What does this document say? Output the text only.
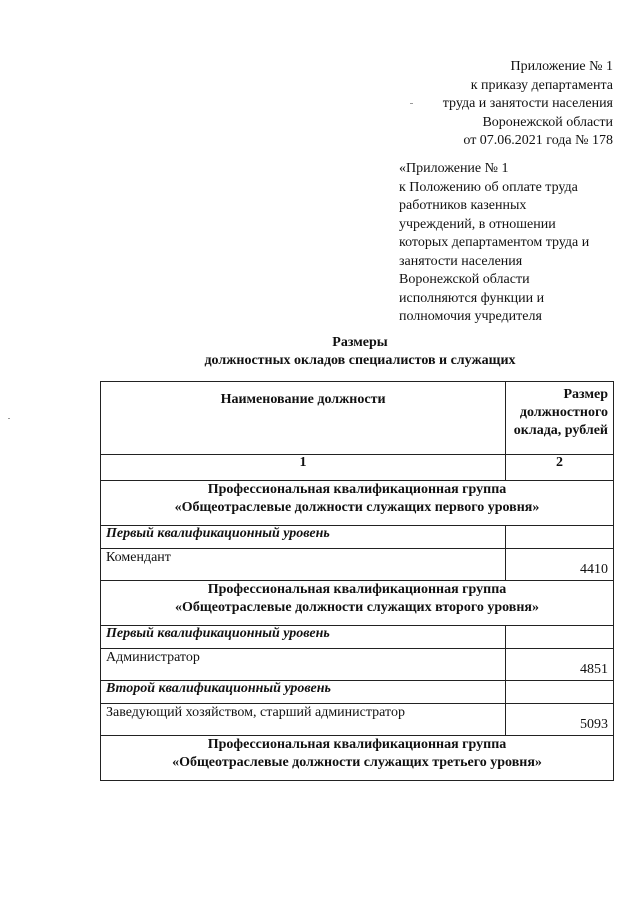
Приложение № 1
к приказу департамента
труда и занятости населения
Воронежской области
от 07.06.2021 года № 178
«Приложение № 1
к Положению об оплате труда
работников казенных
учреждений, в отношении
которых департаментом труда и
занятости населения
Воронежской области
исполняются функции и
полномочия учредителя
Размеры
должностных окладов специалистов и служащих
Наименование должности	Размер
должностного
оклада, рублей

1	2

Профессиональная квалификационная группа
«Общеотраслевые должности служащих первого уровня»	

Первый квалификационный уровень	
Комендант	4410

Профессиональная квалификационная группа
«Общеотраслевые должности служащих второго уровня»	

Первый квалификационный уровень	
Администратор	4851
Второй квалификационный уровень	
Заведующий хозяйством, старший администратор	5093

Профессиональная квалификационная группа
«Общеотраслевые должности служащих третьего уровня»	
